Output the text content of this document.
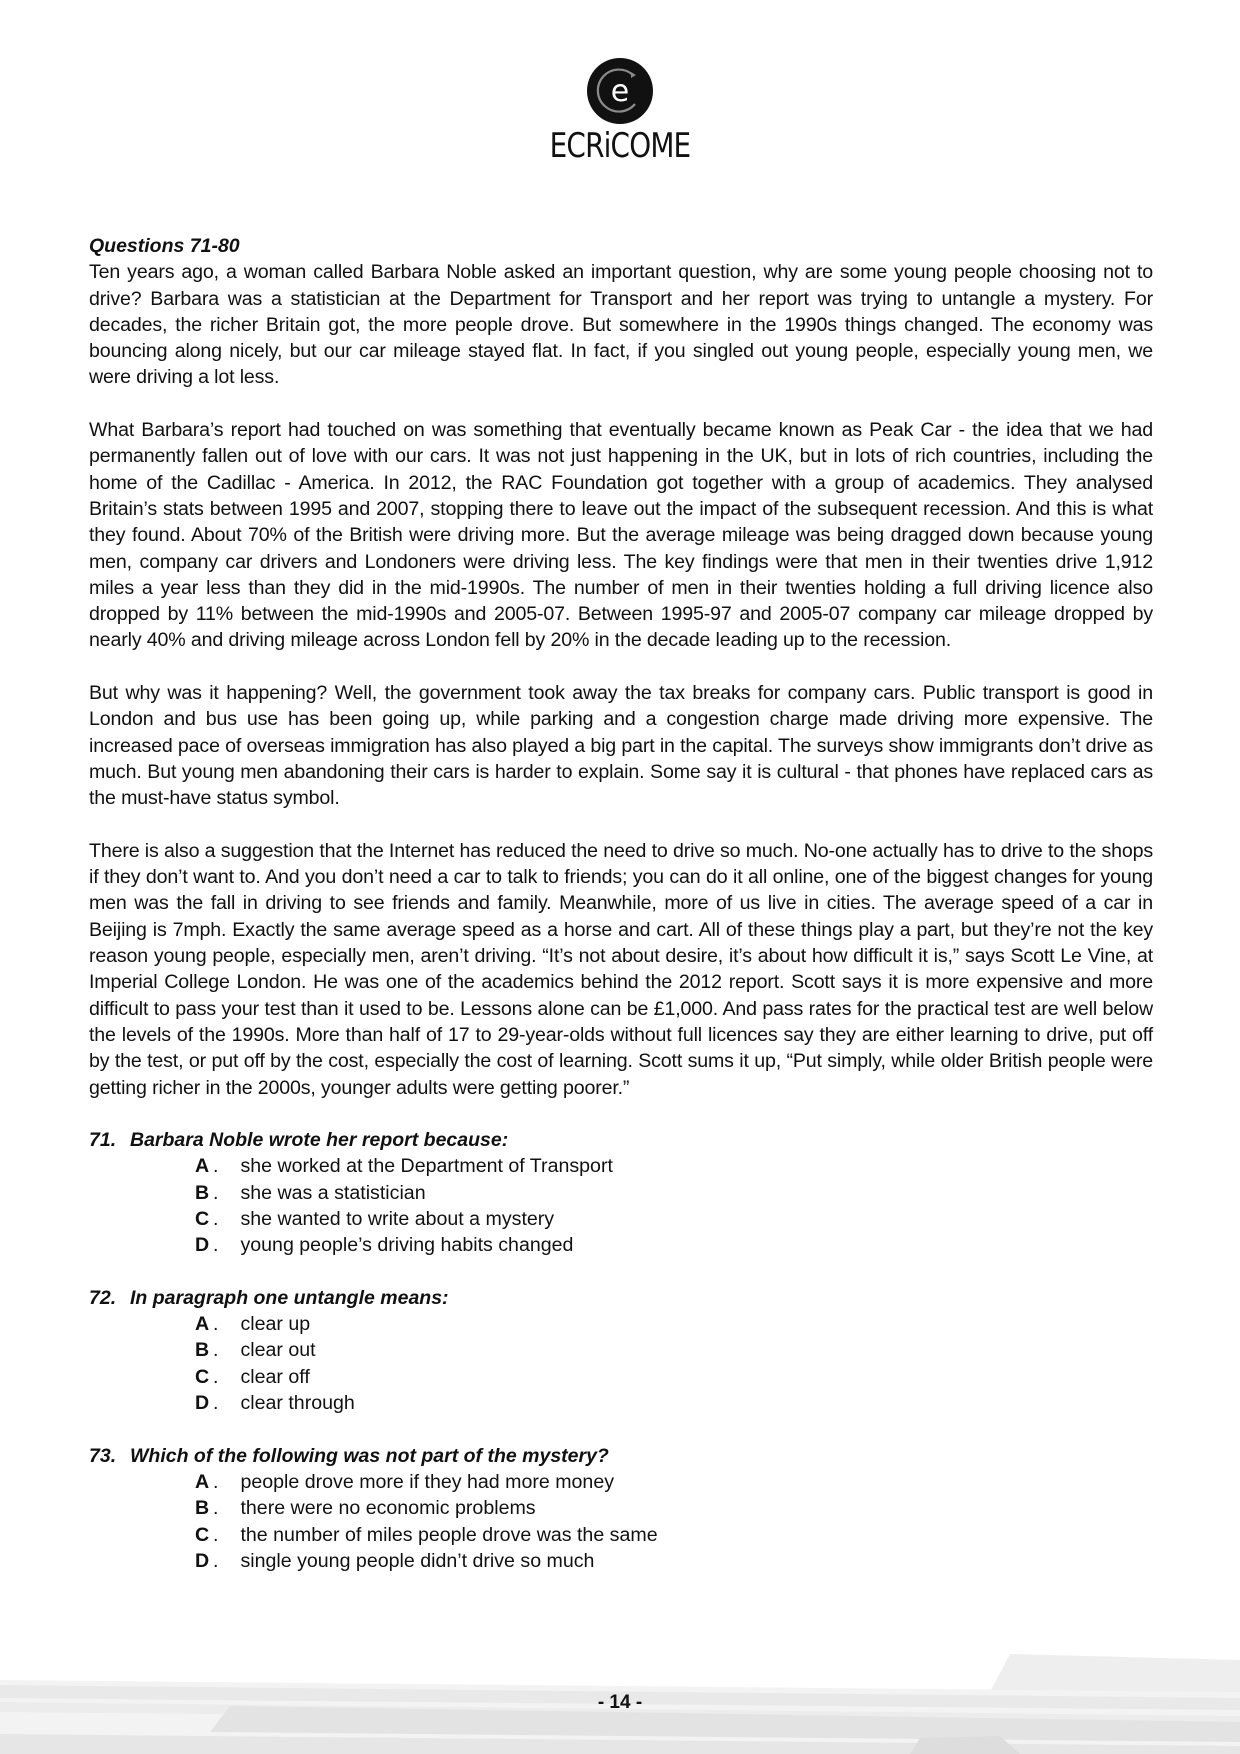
e
ECRiCOME
Questions 71-80

Ten years ago, a woman called Barbara Noble asked an important question, why are some young people choosing not to drive? Barbara was a statistician at the Department for Transport and her report was trying to untangle a mystery. For decades, the richer Britain got, the more people drove. But somewhere in the 1990s things changed. The economy was bouncing along nicely, but our car mileage stayed flat. In fact, if you singled out young people, especially young men, we were driving a lot less.

What Barbara’s report had touched on was something that eventually became known as Peak Car - the idea that we had permanently fallen out of love with our cars. It was not just happening in the UK, but in lots of rich countries, including the home of the Cadillac - America. In 2012, the RAC Foundation got together with a group of academics. They analysed Britain’s stats between 1995 and 2007, stopping there to leave out the impact of the subsequent recession. And this is what they found. About 70% of the British were driving more. But the average mileage was being dragged down because young men, company car drivers and Londoners were driving less. The key findings were that men in their twenties drive 1,912 miles a year less than they did in the mid-1990s. The number of men in their twenties holding a full driving licence also dropped by 11% between the mid-1990s and 2005-07. Between 1995-97 and 2005-07 company car mileage dropped by nearly 40% and driving mileage across London fell by 20% in the decade leading up to the recession.

But why was it happening? Well, the government took away the tax breaks for company cars. Public transport is good in London and bus use has been going up, while parking and a congestion charge made driving more expensive. The increased pace of overseas immigration has also played a big part in the capital. The surveys show immigrants don’t drive as much. But young men abandoning their cars is harder to explain. Some say it is cultural - that phones have replaced cars as the must-have status symbol.

There is also a suggestion that the Internet has reduced the need to drive so much. No-one actually has to drive to the shops if they don’t want to. And you don’t need a car to talk to friends; you can do it all online, one of the biggest changes for young men was the fall in driving to see friends and family. Meanwhile, more of us live in cities. The average speed of a car in Beijing is 7mph. Exactly the same average speed as a horse and cart. All of these things play a part, but they’re not the key reason young people, especially men, aren’t driving. “It’s not about desire, it’s about how difficult it is,” says Scott Le Vine, at Imperial College London. He was one of the academics behind the 2012 report. Scott says it is more expensive and more difficult to pass your test than it used to be. Lessons alone can be £1,000. And pass rates for the practical test are well below the levels of the 1990s. More than half of 17 to 29-year-olds without full licences say they are either learning to drive, put off by the test, or put off by the cost, especially the cost of learning. Scott sums it up, “Put simply, while older British people were getting richer in the 2000s, younger adults were getting poorer.”

71. Barbara Noble wrote her report because:
A . she worked at the Department of Transport
B . she was a statistician
C . she wanted to write about a mystery
D . young people’s driving habits changed
72. In paragraph one untangle means:
A . clear up
B . clear out
C . clear off
D . clear through
73. Which of the following was not part of the mystery?
A . people drove more if they had more money
B . there were no economic problems
C . the number of miles people drove was the same
D . single young people didn’t drive so much
- 14 -
